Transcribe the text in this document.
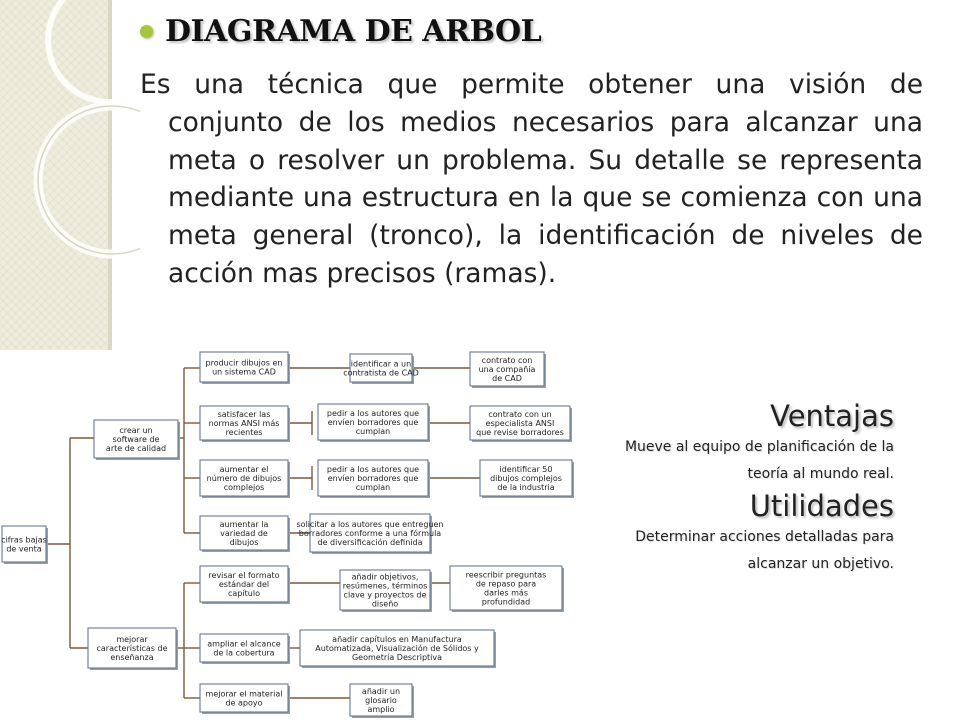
DIAGRAMA DE ARBOL
Es una técnica que permite obtener una visión de conjunto de los medios necesarios para alcanzar una meta o resolver un problema. Su detalle se representa mediante una estructura en la que se comienza con una meta general (tronco), la identificación de niveles de acción mas precisos (ramas).
cifras bajas de venta
crear un software de arte de calidad
mejorar características de enseñanza
producir dibujos en un sistema CAD
satisfacer las normas ANSI más recientes
aumentar el número de dibujos complejos
aumentar la variedad de dibujos
revisar el formato estándar del capítulo
ampliar el alcance de la cobertura
mejorar el material de apoyo
identificar a un contratista de CAD
pedir a los autores que envíen borradores que cumplan
pedir a los autores que envíen borradores que cumplan
solicitar a los autores que entreguen borradores conforme a una fórmula de diversificación definida
añadir objetivos, resúmenes, términos clave y proyectos de diseño
añadir capítulos en Manufactura Automatizada, Visualización de Sólidos y Geometría Descriptiva
añadir un glosario amplio
contrato con una compañía de CAD
contrato con un especialista ANSI que revise borradores
identificar 50 dibujos complejos de la industria
reescribir preguntas de repaso para darles más profundidad
Ventajas
Mueve al equipo de planificación de la
teoría al mundo real.
Utilidades
Determinar acciones detalladas para
alcanzar un objetivo.
